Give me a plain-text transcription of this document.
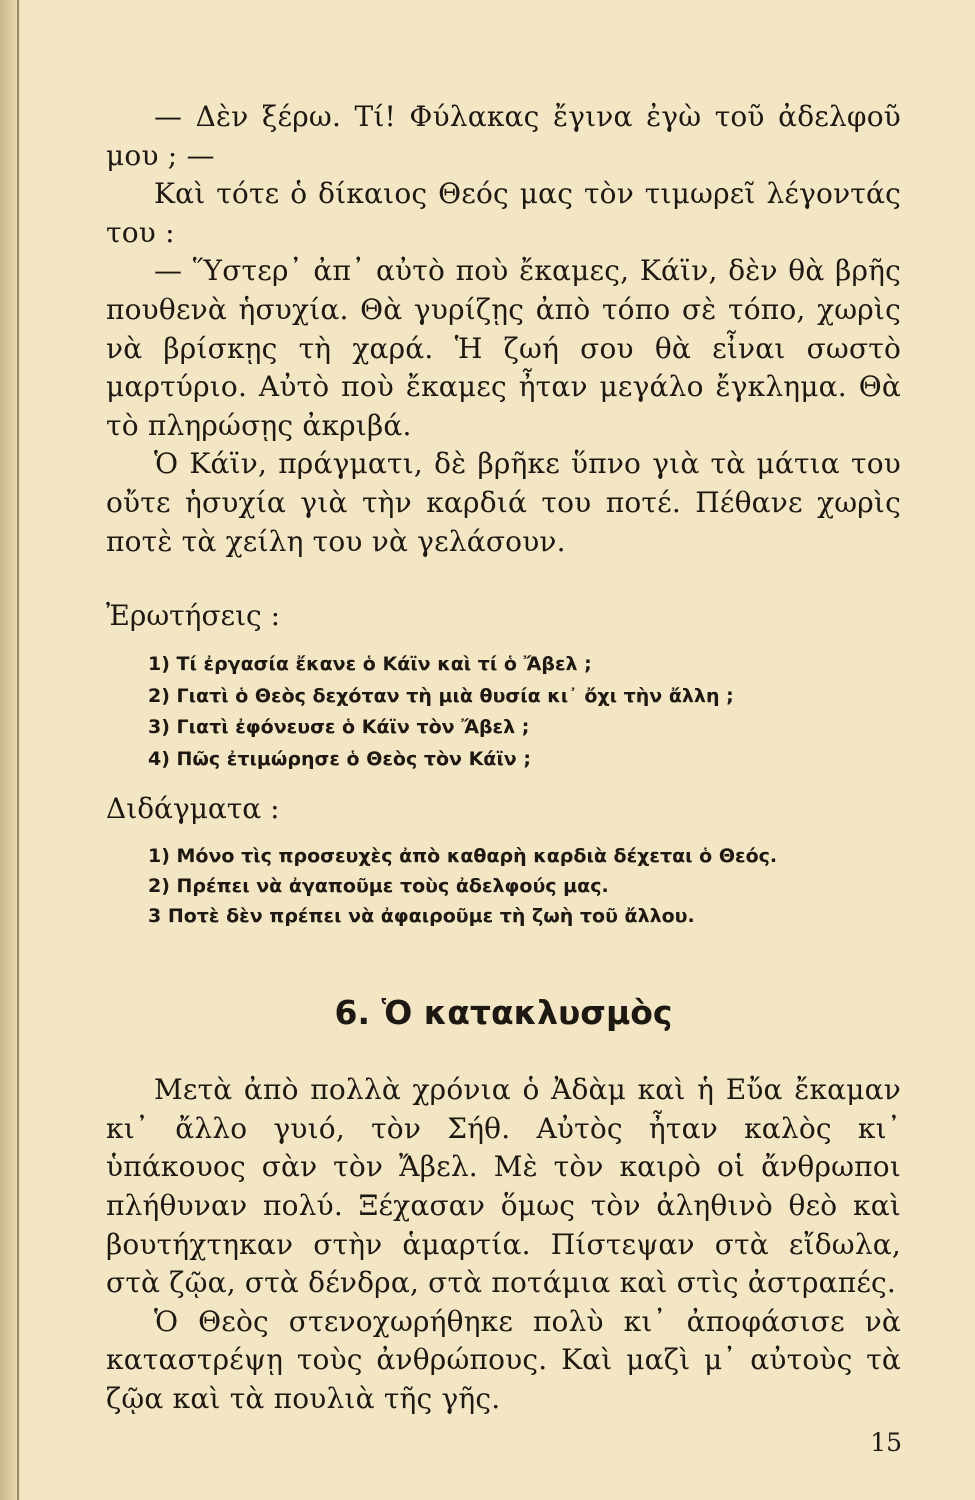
— Δὲν ξέρω. Τί! Φύλακας ἔγινα ἐγὼ τοῦ ἀδελφοῦ μου ; —

Καὶ τότε ὁ δίκαιος Θεός μας τὸν τιμωρεῖ λέγοντάς του :

— Ὕστερ᾽ ἀπ᾽ αὐτὸ ποὺ ἔκαμες, Κάϊν, δὲν θὰ βρῆς πουθενὰ ἡσυχία. Θὰ γυρίζῃς ἀπὸ τόπο σὲ τόπο, χωρὶς νὰ βρίσκῃς τὴ χαρά. Ἡ ζωή σου θὰ εἶναι σωστὸ μαρτύριο. Αὐτὸ ποὺ ἔκαμες ἦταν μεγάλο ἔγκλημα. Θὰ τὸ πληρώσῃς ἀκριβά.

Ὁ Κάϊν, πράγματι, δὲ βρῆκε ὕπνο γιὰ τὰ μάτια του οὔτε ἡσυχία γιὰ τὴν καρδιά του ποτέ. Πέθανε χωρὶς ποτὲ τὰ χείλη του νὰ γελάσουν.

Ἐρωτήσεις :
1) Τί ἐργασία ἔκανε ὁ Κάϊν καὶ τί ὁ Ἄβελ ;
2) Γιατὶ ὁ Θεὸς δεχόταν τὴ μιὰ θυσία κι᾽ ὄχι τὴν ἄλλη ;
3) Γιατὶ ἐφόνευσε ὁ Κάϊν τὸν Ἄβελ ;
4) Πῶς ἐτιμώρησε ὁ Θεὸς τὸν Κάϊν ;
Διδάγματα :
1) Μόνο τὶς προσευχὲς ἀπὸ καθαρὴ καρδιὰ δέχεται ὁ Θεός.
2) Πρέπει νὰ ἀγαποῦμε τοὺς ἀδελφούς μας.
3 Ποτὲ δὲν πρέπει νὰ ἀφαιροῦμε τὴ ζωὴ τοῦ ἄλλου.
6. Ὁ κατακλυσμὸς

Μετὰ ἀπὸ πολλὰ χρόνια ὁ Ἀδὰμ καὶ ἡ Εὔα ἔκαμαν κι᾽ ἄλλο γυιό, τὸν Σήθ. Αὐτὸς ἦταν καλὸς κι᾽ ὑπάκουος σὰν τὸν Ἄβελ. Μὲ τὸν καιρὸ οἱ ἄνθρωποι πλήθυναν πολύ. Ξέχασαν ὅμως τὸν ἀληθινὸ θεὸ καὶ βουτήχτηκαν στὴν ἁμαρτία. Πίστεψαν στὰ εἴδωλα, στὰ ζῷα, στὰ δένδρα, στὰ ποτάμια καὶ στὶς ἀστραπές.

Ὁ Θεὸς στενοχωρήθηκε πολὺ κι᾽ ἀποφάσισε νὰ καταστρέψῃ τοὺς ἀνθρώπους. Καὶ μαζὶ μ᾽ αὐτοὺς τὰ ζῷα καὶ τὰ πουλιὰ τῆς γῆς.

15
